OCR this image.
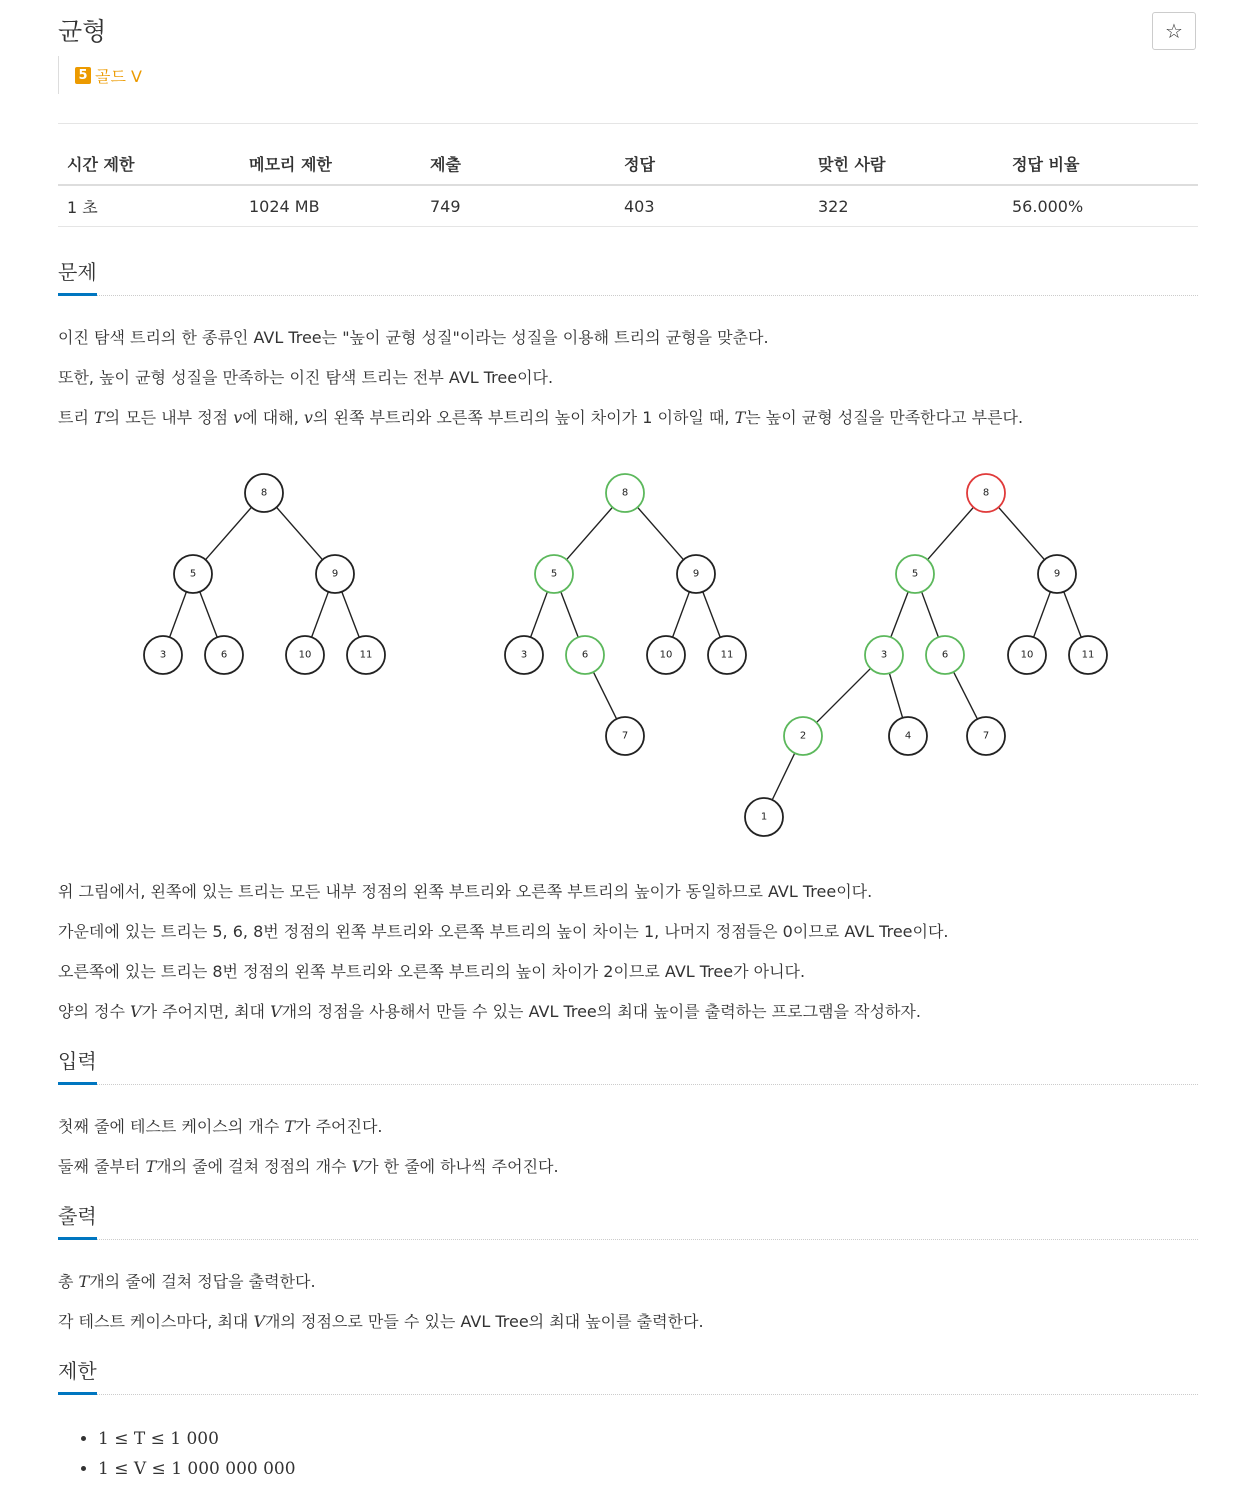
균형	☆
5 골드 V
시간 제한	메모리 제한	제출	정답	맞힌 사람	정답 비율
1 초	1024 MB	749	403	322	56.000%
문제

이진 탐색 트리의 한 종류인 AVL Tree는 "높이 균형 성질"이라는 성질을 이용해 트리의 균형을 맞춘다.

또한, 높이 균형 성질을 만족하는 이진 탐색 트리는 전부 AVL Tree이다.

트리 T의 모든 내부 정점 v에 대해, v의 왼쪽 부트리와 오른쪽 부트리의 높이 차이가 1 이하일 때, T는 높이 균형 성질을 만족한다고 부른다.

8
5	9
3	6	10	11
8
5	9
3	6	10	11
7
8
5	9
3	6	10	11
2	4	7
1

위 그림에서, 왼쪽에 있는 트리는 모든 내부 정점의 왼쪽 부트리와 오른쪽 부트리의 높이가 동일하므로 AVL Tree이다.

가운데에 있는 트리는 5, 6, 8번 정점의 왼쪽 부트리와 오른쪽 부트리의 높이 차이는 1, 나머지 정점들은 0이므로 AVL Tree이다.

오른쪽에 있는 트리는 8번 정점의 왼쪽 부트리와 오른쪽 부트리의 높이 차이가 2이므로 AVL Tree가 아니다.

양의 정수 V가 주어지면, 최대 V개의 정점을 사용해서 만들 수 있는 AVL Tree의 최대 높이를 출력하는 프로그램을 작성하자.

입력

첫째 줄에 테스트 케이스의 개수 T가 주어진다.

둘째 줄부터 T개의 줄에 걸쳐 정점의 개수 V가 한 줄에 하나씩 주어진다.

출력

총 T개의 줄에 걸쳐 정답을 출력한다.

각 테스트 케이스마다, 최대 V개의 정점으로 만들 수 있는 AVL Tree의 최대 높이를 출력한다.

제한
• 1 ≤ T ≤ 1 000
• 1 ≤ V ≤ 1 000 000 000
